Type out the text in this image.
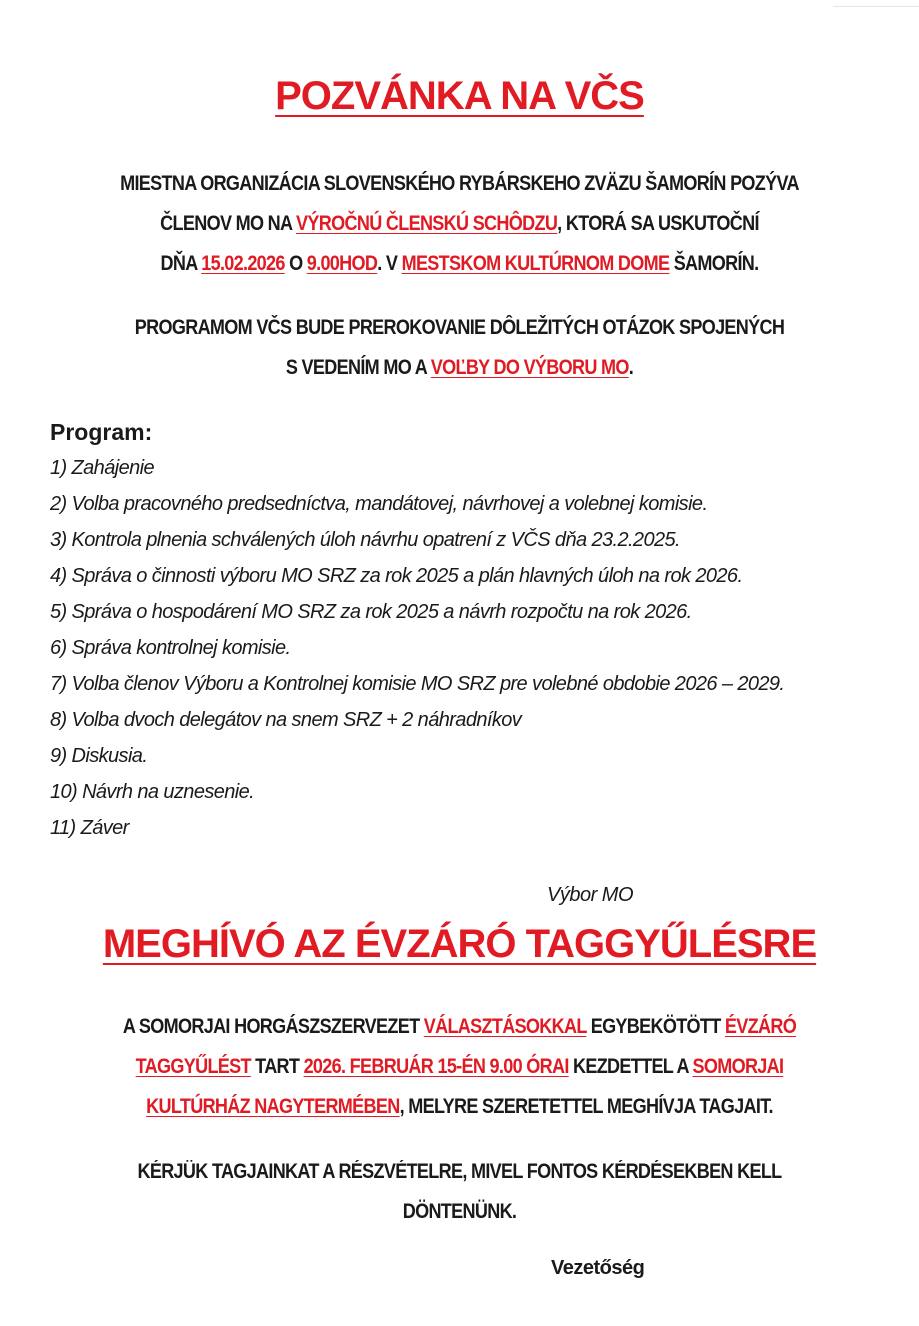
POZVÁNKA NA VČS
MIESTNA ORGANIZÁCIA SLOVENSKÉHO RYBÁRSKEHO ZVÄZU ŠAMORÍN POZÝVA
ČLENOV MO NA VÝROČNÚ ČLENSKÚ SCHÔDZU, KTORÁ SA USKUTOČNÍ
DŇA 15.02.2026 O 9.00HOD. V MESTSKOM KULTÚRNOM DOME ŠAMORÍN.
PROGRAMOM VČS BUDE PREROKOVANIE DÔLEŽITÝCH OTÁZOK SPOJENÝCH
S VEDENÍM MO A VOĽBY DO VÝBORU MO.
Program:
1) Zahájenie
2) Volba pracovného predsedníctva, mandátovej, návrhovej a volebnej komisie.
3) Kontrola plnenia schválených úloh návrhu opatrení z VČS dňa 23.2.2025.
4) Správa o činnosti výboru MO SRZ za rok 2025 a plán hlavných úloh na rok 2026.
5) Správa o hospodárení MO SRZ za rok 2025 a návrh rozpočtu na rok 2026.
6) Správa kontrolnej komisie.
7) Volba členov Výboru a Kontrolnej komisie MO SRZ pre volebné obdobie 2026 – 2029.
8) Volba dvoch delegátov na snem SRZ + 2 náhradníkov
9) Diskusia.
10) Návrh na uznesenie.
11) Záver
Výbor MO
MEGHÍVÓ AZ ÉVZÁRÓ TAGGYŰLÉSRE
A SOMORJAI HORGÁSZSZERVEZET VÁLASZTÁSOKKAL EGYBEKÖTÖTT ÉVZÁRÓ
TAGGYŰLÉST TART 2026. FEBRUÁR 15-ÉN 9.00 ÓRAI KEZDETTEL A SOMORJAI
KULTÚRHÁZ NAGYTERMÉBEN, MELYRE SZERETETTEL MEGHÍVJA TAGJAIT.
KÉRJÜK TAGJAINKAT A RÉSZVÉTELRE, MIVEL FONTOS KÉRDÉSEKBEN KELL
DÖNTENÜNK.
Vezetőség
